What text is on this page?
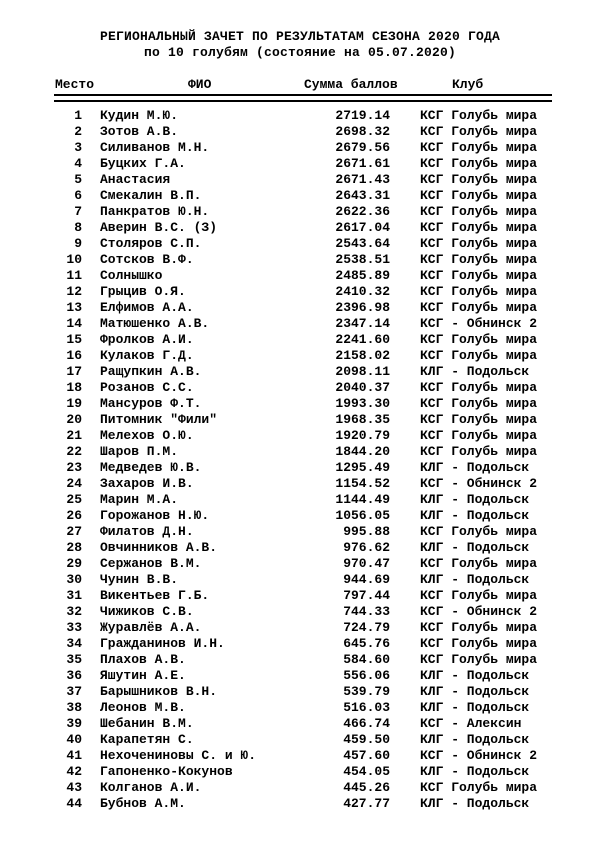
РЕГИОНАЛЬНЫЙ ЗАЧЕТ ПО РЕЗУЛЬТАТАМ СЕЗОНА 2020 ГОДА
по 10 голубям (состояние на 05.07.2020)
Место	ФИО	Сумма баллов	Клуб
1 Кудин М.Ю.	2719.14 КСГ Голубь мира
2 Зотов А.В.	2698.32 КСГ Голубь мира
3 Силиванов М.Н.	2679.56 КСГ Голубь мира
4 Буцких Г.А.	2671.61 КСГ Голубь мира
5 Анастасия	2671.43 КСГ Голубь мира
6 Смекалин В.П.	2643.31 КСГ Голубь мира
7 Панкратов Ю.Н.	2622.36 КСГ Голубь мира
8 Аверин В.С. (З)	2617.04 КСГ Голубь мира
9 Столяров С.П.	2543.64 КСГ Голубь мира
10 Сотсков В.Ф.	2538.51 КСГ Голубь мира
11 Солнышко	2485.89 КСГ Голубь мира
12 Грыцив О.Я.	2410.32 КСГ Голубь мира
13 Елфимов А.А.	2396.98 КСГ Голубь мира
14 Матюшенко А.В.	2347.14 КСГ - Обнинск 2
15 Фролков А.И.	2241.60 КСГ Голубь мира
16 Кулаков Г.Д.	2158.02 КСГ Голубь мира
17 Ращупкин А.В.	2098.11 КЛГ - Подольск
18 Розанов С.С.	2040.37 КСГ Голубь мира
19 Мансуров Ф.Т.	1993.30 КСГ Голубь мира
20 Питомник "Фили"	1968.35 КСГ Голубь мира
21 Мелехов О.Ю.	1920.79 КСГ Голубь мира
22 Шаров П.М.	1844.20 КСГ Голубь мира
23 Медведев Ю.В.	1295.49 КЛГ - Подольск
24 Захаров И.В.	1154.52 КСГ - Обнинск 2
25 Марин М.А.	1144.49 КЛГ - Подольск
26 Горожанов Н.Ю.	1056.05 КЛГ - Подольск
27 Филатов Д.Н.	995.88 КСГ Голубь мира
28 Овчинников А.В.	976.62 КЛГ - Подольск
29 Сержанов В.М.	970.47 КСГ Голубь мира
30 Чунин В.В.	944.69 КЛГ - Подольск
31 Викентьев Г.Б.	797.44 КСГ Голубь мира
32 Чижиков С.В.	744.33 КСГ - Обнинск 2
33 Журавлёв А.А.	724.79 КСГ Голубь мира
34 Гражданинов И.Н.	645.76 КСГ Голубь мира
35 Плахов А.В.	584.60 КСГ Голубь мира
36 Яшутин А.Е.	556.06 КЛГ - Подольск
37 Барышников В.Н.	539.79 КЛГ - Подольск
38 Леонов М.В.	516.03 КЛГ - Подольск
39 Шебанин В.М.	466.74 КСГ - Алексин
40 Карапетян С.	459.50 КЛГ - Подольск
41 Нехочениновы С. и Ю.	457.60 КСГ - Обнинск 2
42 Гапоненко-Кокунов	454.05 КЛГ - Подольск
43 Колганов А.И.	445.26 КСГ Голубь мира
44 Бубнов А.М.	427.77 КЛГ - Подольск
